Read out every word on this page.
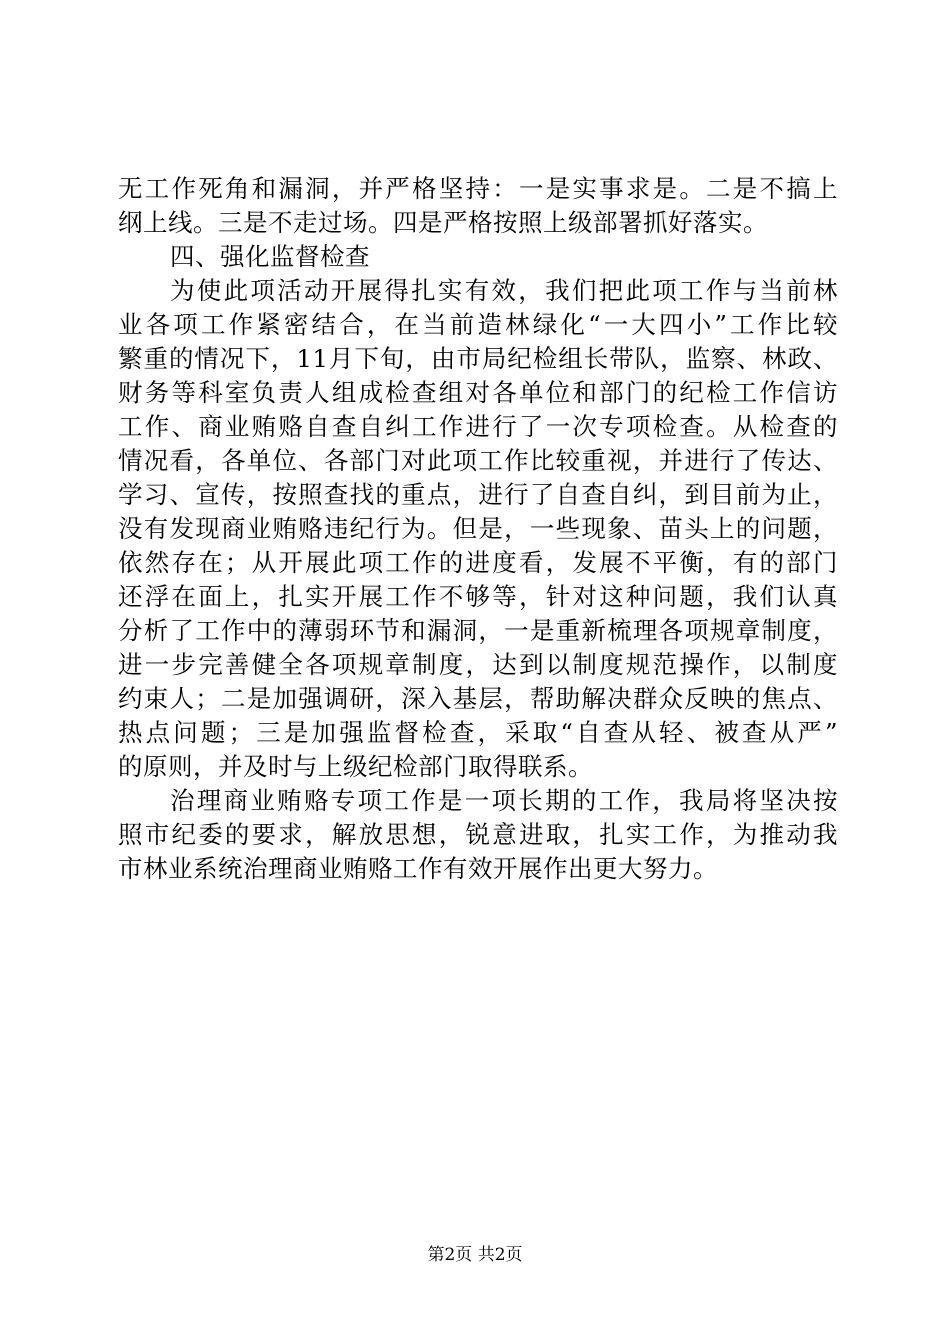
无工作死角和漏洞，并严格坚持：一是实事求是。二是不搞上
纲上线。三是不走过场。四是严格按照上级部署抓好落实。
四、强化监督检查
为使此项活动开展得扎实有效，我们把此项工作与当前林
业各项工作紧密结合，在当前造林绿化“一大四小”工作比较
繁重的情况下，11月下旬，由市局纪检组长带队，监察、林政、
财务等科室负责人组成检查组对各单位和部门的纪检工作信访
工作、商业贿赂自查自纠工作进行了一次专项检查。从检查的
情况看，各单位、各部门对此项工作比较重视，并进行了传达、
学习、宣传，按照查找的重点，进行了自查自纠，到目前为止，
没有发现商业贿赂违纪行为。但是，一些现象、苗头上的问题，
依然存在；从开展此项工作的进度看，发展不平衡，有的部门
还浮在面上，扎实开展工作不够等，针对这种问题，我们认真
分析了工作中的薄弱环节和漏洞，一是重新梳理各项规章制度，
进一步完善健全各项规章制度，达到以制度规范操作，以制度
约束人；二是加强调研，深入基层，帮助解决群众反映的焦点、
热点问题；三是加强监督检查，采取“自查从轻、被查从严”
的原则，并及时与上级纪检部门取得联系。
治理商业贿赂专项工作是一项长期的工作，我局将坚决按
照市纪委的要求，解放思想，锐意进取，扎实工作，为推动我
市林业系统治理商业贿赂工作有效开展作出更大努力。
第2页 共2页
